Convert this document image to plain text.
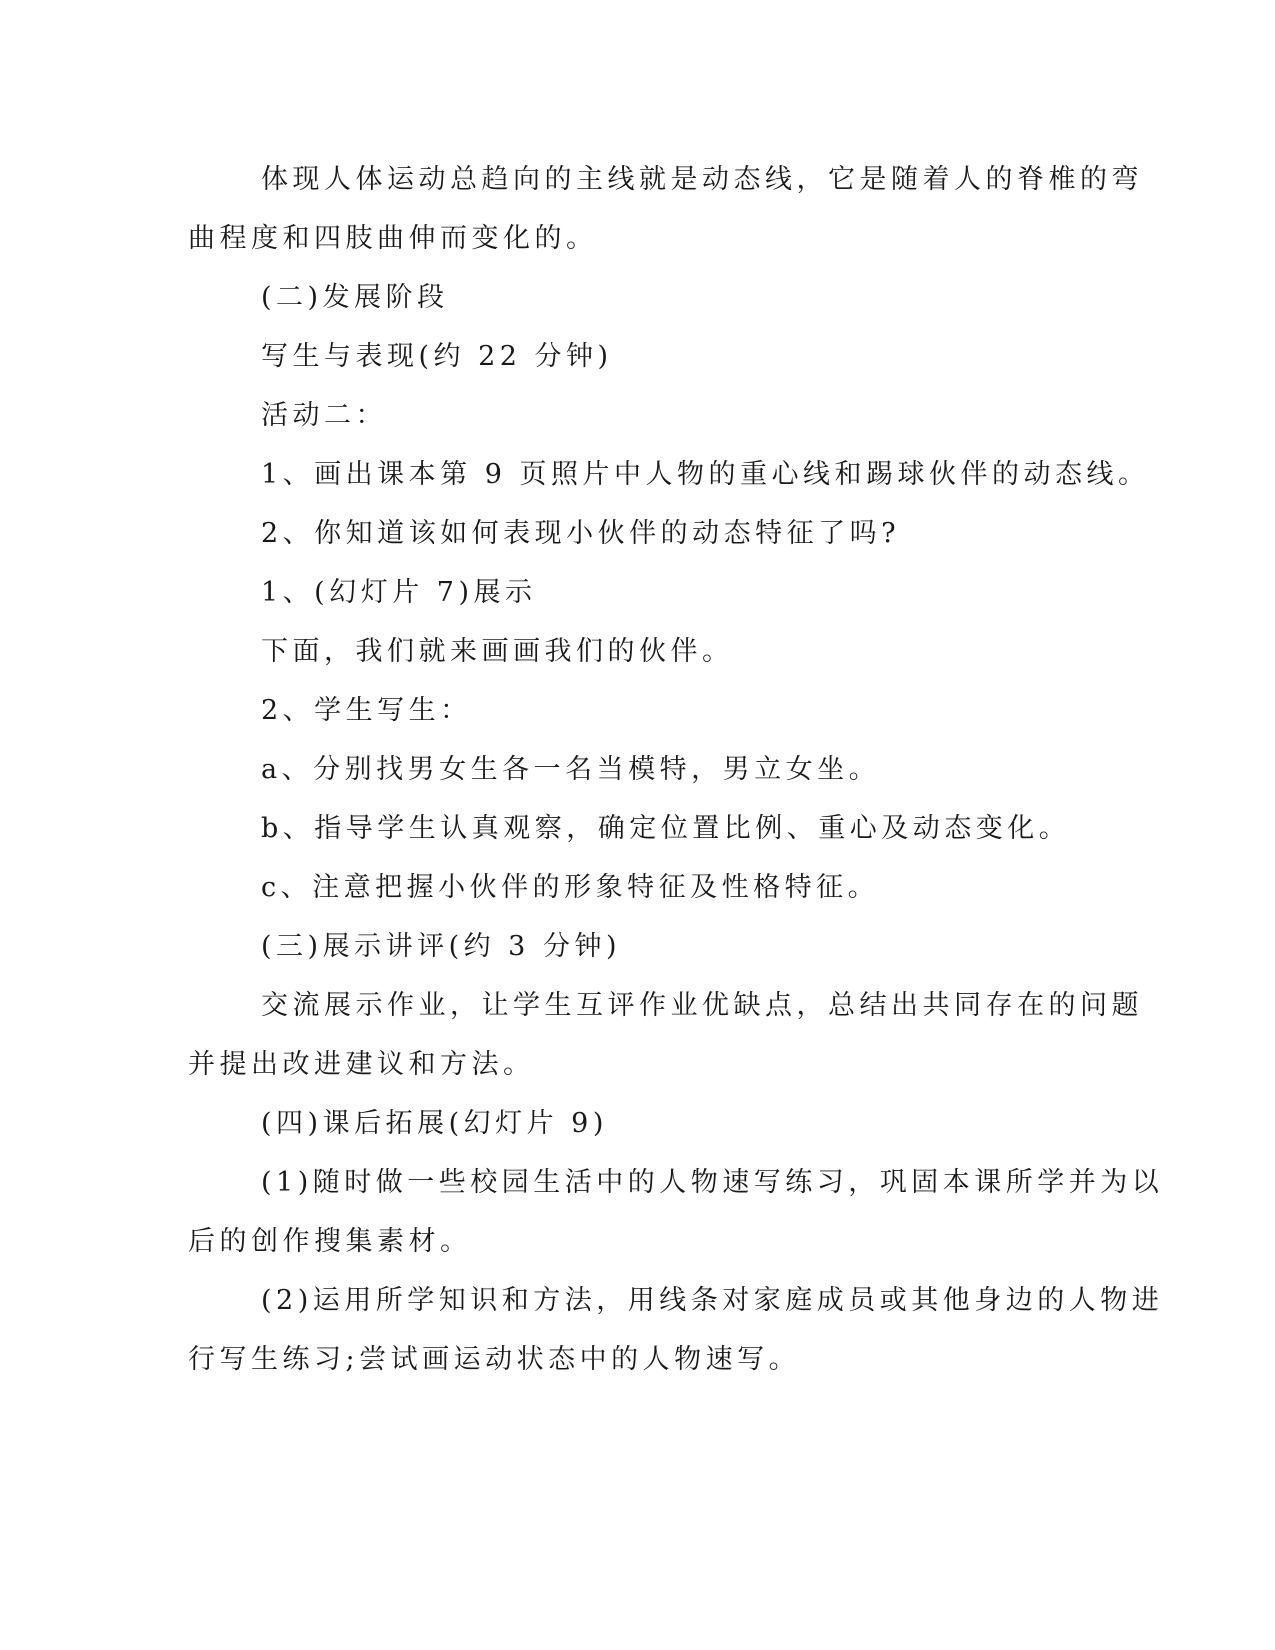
体现人体运动总趋向的主线就是动态线，它是随着人的脊椎的弯

曲程度和四肢曲伸而变化的。

(二)发展阶段

写生与表现(约 22 分钟)

活动二：

1、画出课本第 9 页照片中人物的重心线和踢球伙伴的动态线。

2、你知道该如何表现小伙伴的动态特征了吗?

1、(幻灯片 7)展示

下面，我们就来画画我们的伙伴。

2、学生写生：

a、分别找男女生各一名当模特，男立女坐。

b、指导学生认真观察，确定位置比例、重心及动态变化。

c、注意把握小伙伴的形象特征及性格特征。

(三)展示讲评(约 3 分钟)

交流展示作业，让学生互评作业优缺点，总结出共同存在的问题

并提出改进建议和方法。

(四)课后拓展(幻灯片 9)

(1)随时做一些校园生活中的人物速写练习，巩固本课所学并为以

后的创作搜集素材。

(2)运用所学知识和方法，用线条对家庭成员或其他身边的人物进

行写生练习;尝试画运动状态中的人物速写。
